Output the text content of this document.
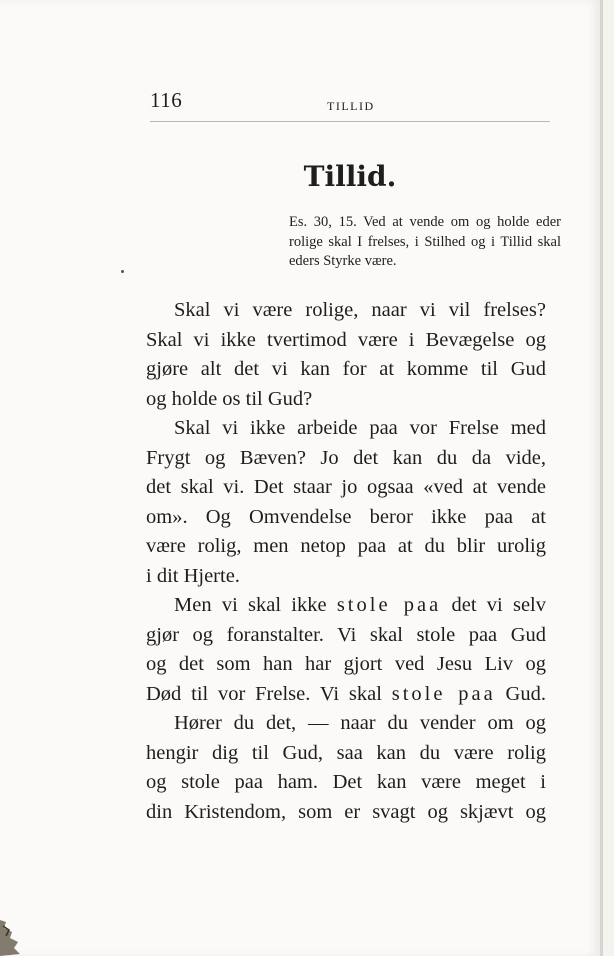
116	TILLID
Tillid.

Es. 30, 15. Ved at vende om og holde eder rolige skal I frelses, i Stilhed og i Tillid skal eders Styrke være.

Skal vi være rolige, naar vi vil frelses?
Skal vi ikke tvertimod være i Bevægelse og
gjøre alt det vi kan for at komme til Gud
og holde os til Gud?

Skal vi ikke arbeide paa vor Frelse med
Frygt og Bæven? Jo det kan du da vide,
det skal vi. Det staar jo ogsaa «ved at vende
om». Og Omvendelse beror ikke paa at
være rolig, men netop paa at du blir urolig
i dit Hjerte.

Men vi skal ikke stole paa det vi selv
gjør og foranstalter. Vi skal stole paa Gud
og det som han har gjort ved Jesu Liv og
Død til vor Frelse. Vi skal stole paa Gud.

Hører du det, — naar du vender om og
hengir dig til Gud, saa kan du være rolig
og stole paa ham. Det kan være meget i
din Kristendom, som er svagt og skjævt og
